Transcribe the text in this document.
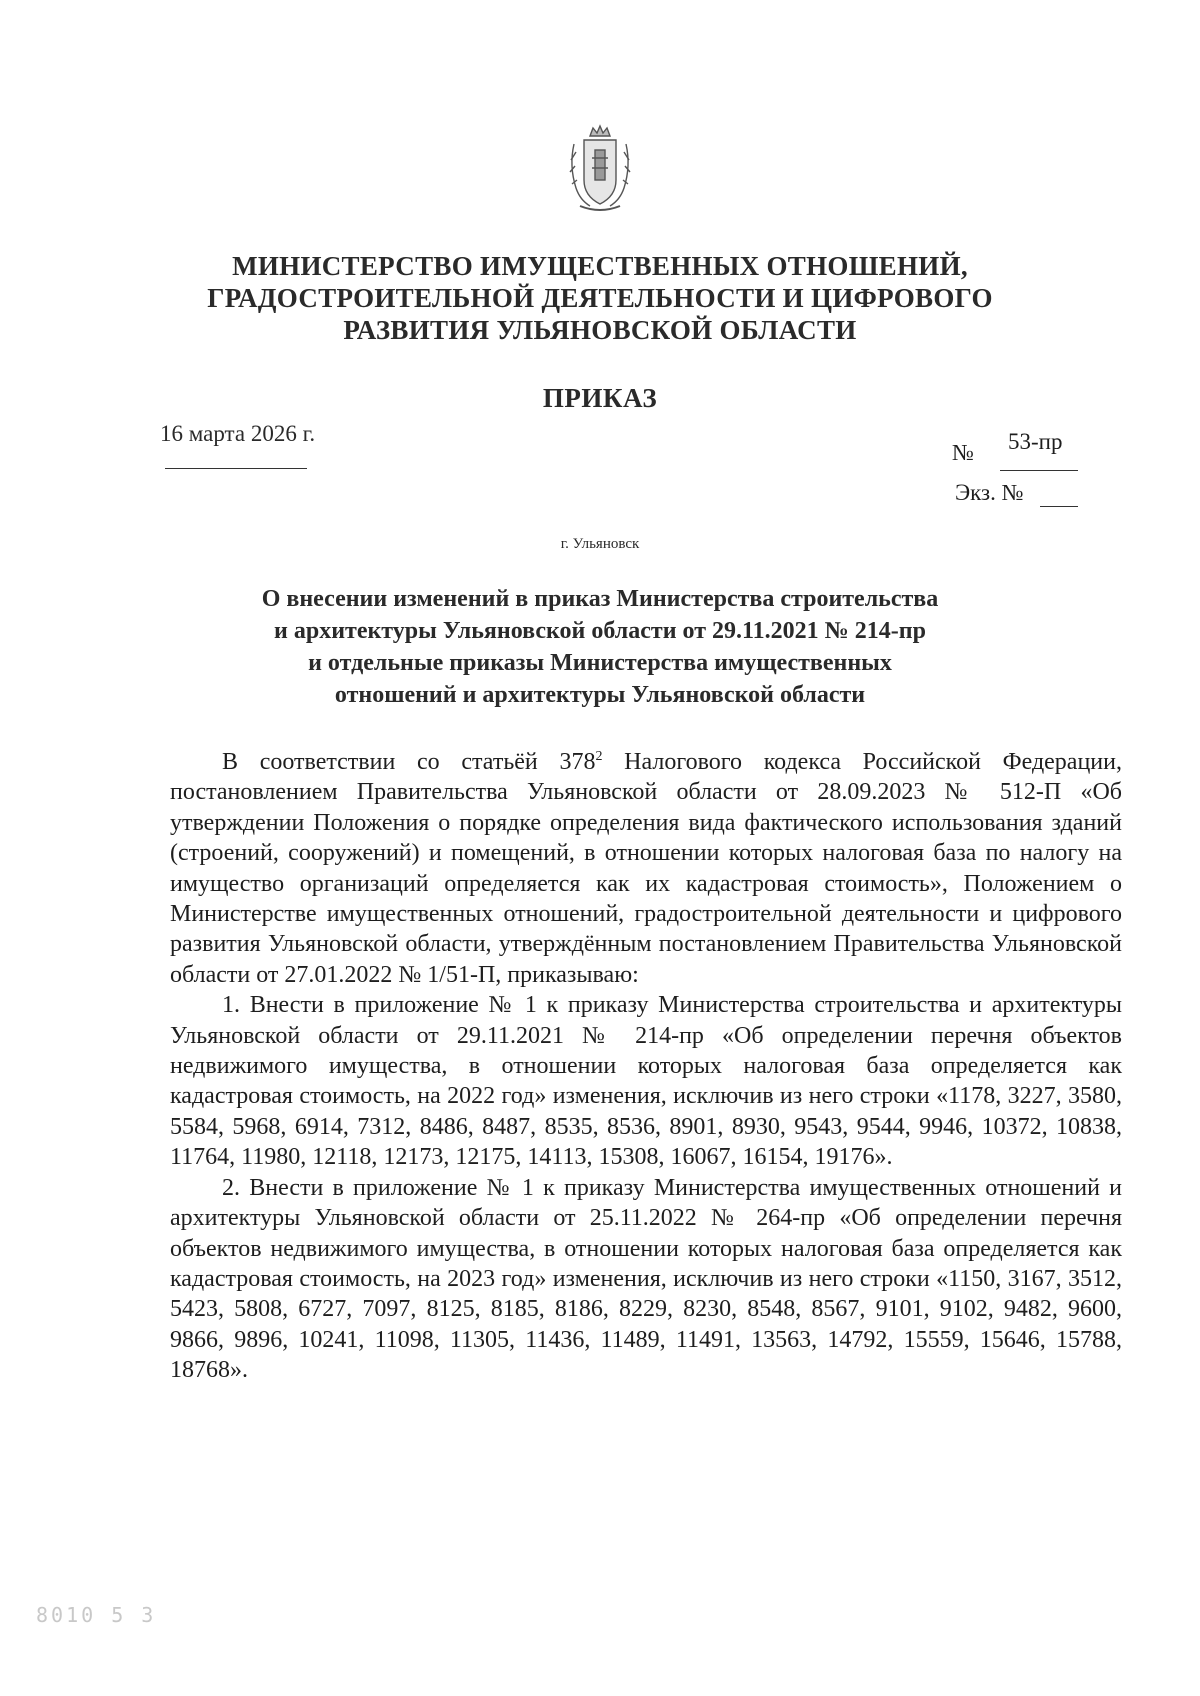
МИНИСТЕРСТВО ИМУЩЕСТВЕННЫХ ОТНОШЕНИЙ,
ГРАДОСТРОИТЕЛЬНОЙ ДЕЯТЕЛЬНОСТИ И ЦИФРОВОГО
РАЗВИТИЯ УЛЬЯНОВСКОЙ ОБЛАСТИ
ПРИКАЗ
16 марта 2026 г.
№ 53-пр
Экз. №
г. Ульяновск
О внесении изменений в приказ Министерства строительства
и архитектуры Ульяновской области от 29.11.2021 № 214-пр
и отдельные приказы Министерства имущественных
отношений и архитектуры Ульяновской области

В соответствии со статьёй $378^2$ Налогового кодекса Российской Федерации, постановлением Правительства Ульяновской области от 28.09.2023 № 512-П «Об утверждении Положения о порядке определения вида фактического использования зданий (строений, сооружений) и помещений, в отношении которых налоговая база по налогу на имущество организаций определяется как их кадастровая стоимость», Положением о Министерстве имущественных отношений, градостроительной деятельности и цифрового развития Ульяновской области, утверждённым постановлением Правительства Ульяновской области от 27.01.2022 № 1/51-П, приказываю:

1. Внести в приложение № 1 к приказу Министерства строительства и архитектуры Ульяновской области от 29.11.2021 № 214-пр «Об определении перечня объектов недвижимого имущества, в отношении которых налоговая база определяется как кадастровая стоимость, на 2022 год» изменения, исключив из него строки «1178, 3227, 3580, 5584, 5968, 6914, 7312, 8486, 8487, 8535, 8536, 8901, 8930, 9543, 9544, 9946, 10372, 10838, 11764, 11980, 12118, 12173, 12175, 14113, 15308, 16067, 16154, 19176».

2. Внести в приложение № 1 к приказу Министерства имущественных отношений и архитектуры Ульяновской области от 25.11.2022 № 264-пр «Об определении перечня объектов недвижимого имущества, в отношении которых налоговая база определяется как кадастровая стоимость, на 2023 год» изменения, исключив из него строки «1150, 3167, 3512, 5423, 5808, 6727, 7097, 8125, 8185, 8186, 8229, 8230, 8548, 8567, 9101, 9102, 9482, 9600, 9866, 9896, 10241, 11098, 11305, 11436, 11489, 11491, 13563, 14792, 15559, 15646, 15788, 18768».

8010 5 3
